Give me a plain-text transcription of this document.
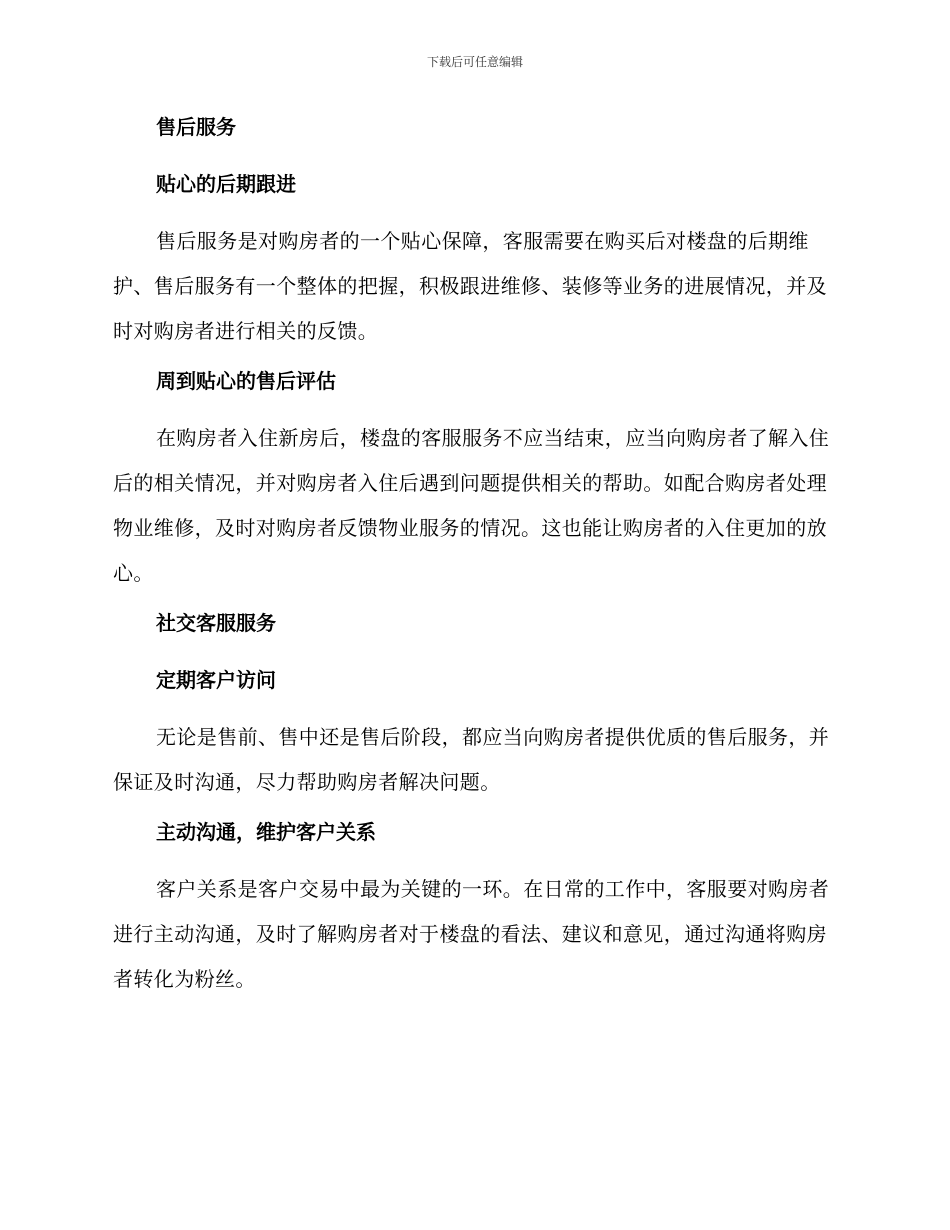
下载后可任意编辑
售后服务
贴心的后期跟进

售后服务是对购房者的一个贴心保障，客服需要在购买后对楼盘的后期维护、售后服务有一个整体的把握，积极跟进维修、装修等业务的进展情况，并及时对购房者进行相关的反馈。

周到贴心的售后评估

在购房者入住新房后，楼盘的客服服务不应当结束，应当向购房者了解入住后的相关情况，并对购房者入住后遇到问题提供相关的帮助。如配合购房者处理物业维修，及时对购房者反馈物业服务的情况。这也能让购房者的入住更加的放心。

社交客服服务
定期客户访问

无论是售前、售中还是售后阶段，都应当向购房者提供优质的售后服务，并保证及时沟通，尽力帮助购房者解决问题。

主动沟通，维护客户关系

客户关系是客户交易中最为关键的一环。在日常的工作中，客服要对购房者进行主动沟通，及时了解购房者对于楼盘的看法、建议和意见，通过沟通将购房者转化为粉丝。
